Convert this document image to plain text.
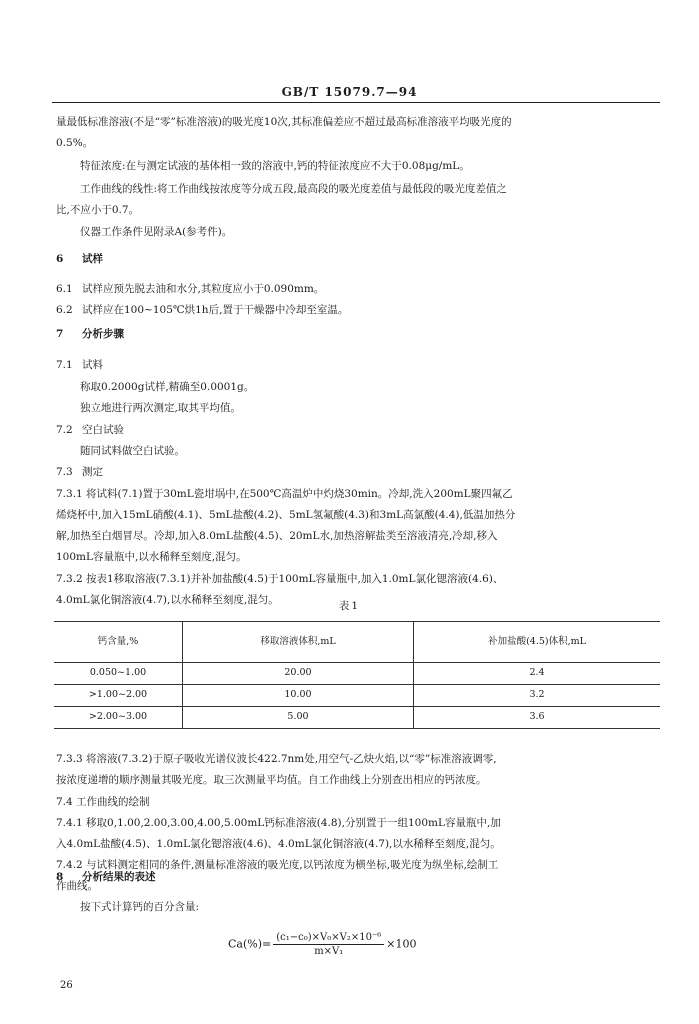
GB/T 15079.7—94
量最低标准溶液(不是“零”标准溶液)的吸光度10次,其标准偏差应不超过最高标准溶液平均吸光度的
0.5%。
特征浓度:在与测定试液的基体相一致的溶液中,钙的特征浓度应不大于0.08μg/mL。
工作曲线的线性:将工作曲线按浓度等分成五段,最高段的吸光度差值与最低段的吸光度差值之
比,不应小于0.7。
仪器工作条件见附录A(参考件)。
6 试样
7 分析步骤
8 分析结果的表述
6.1 试样应预先脱去油和水分,其粒度应小于0.090mm。
6.2 试样应在100~105℃烘1h后,置于干燥器中冷却至室温。
7.1 试料
称取0.2000g试样,精确至0.0001g。
独立地进行两次测定,取其平均值。
7.2 空白试验
随同试料做空白试验。
7.3 测定
7.3.1 将试料(7.1)置于30mL瓷坩埚中,在500℃高温炉中灼烧30min。冷却,洗入200mL聚四氟乙
烯烧杯中,加入15mL硝酸(4.1)、5mL盐酸(4.2)、5mL氢氟酸(4.3)和3mL高氯酸(4.4),低温加热分
解,加热至白烟冒尽。冷却,加入8.0mL盐酸(4.5)、20mL水,加热溶解盐类至溶液清亮,冷却,移入
100mL容量瓶中,以水稀释至刻度,混匀。
7.3.2 按表1移取溶液(7.3.1)并补加盐酸(4.5)于100mL容量瓶中,加入1.0mL氯化锶溶液(4.6)、
4.0mL氯化铜溶液(4.7),以水稀释至刻度,混匀。
7.3.3 将溶液(7.3.2)于原子吸收光谱仪波长422.7nm处,用空气-乙炔火焰,以“零”标准溶液调零,
按浓度递增的顺序测量其吸光度。取三次测量平均值。自工作曲线上分别查出相应的钙浓度。
7.4 工作曲线的绘制
7.4.1 移取0,1.00,2.00,3.00,4.00,5.00mL钙标准溶液(4.8),分别置于一组100mL容量瓶中,加
入4.0mL盐酸(4.5)、1.0mL氯化锶溶液(4.6)、4.0mL氯化铜溶液(4.7),以水稀释至刻度,混匀。
7.4.2 与试料测定相同的条件,测量标准溶液的吸光度,以钙浓度为横坐标,吸光度为纵坐标,绘制工
作曲线。
按下式计算钙的百分含量:
表1
钙含量,%	移取溶液体积,mL	补加盐酸(4.5)体积,mL
0.050~1.00	20.00	2.4
>1.00~2.00	10.00	3.2
>2.00~3.00	5.00	3.6
$Ca(\%)= \frac{\text{(c₁−c₀)×V₀×V₂×10⁻⁶}}{\text{m×V₁}} \times 100$
26
